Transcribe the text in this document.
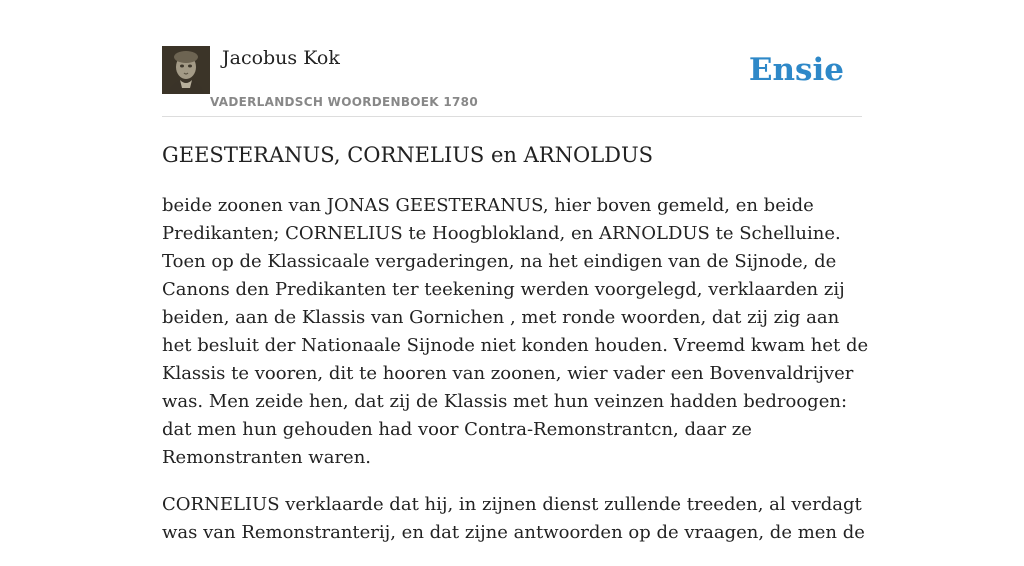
Jacobus Kok
VADERLANDSCH WOORDENBOEK 1780
Ensie
GEESTERANUS, CORNELIUS en ARNOLDUS

beide zoonen van JONAS GEESTERANUS, hier boven gemeld, en beide Predikanten; CORNELIUS te Hoogblokland, en ARNOLDUS te Schelluine. Toen op de Klassicaale vergaderingen, na het eindigen van de Sijnode, de Canons den Predikanten ter teekening werden voorgelegd, verklaarden zij beiden, aan de Klassis van Gornichen , met ronde woorden, dat zij zig aan het besluit der Nationaale Sijnode niet konden houden. Vreemd kwam het de Klassis te vooren, dit te hooren van zoonen, wier vader een Bovenvaldrijver was. Men zeide hen, dat zij de Klassis met hun veinzen hadden bedroogen: dat men hun gehouden had voor Contra-Remonstrantcn, daar ze Remonstranten waren.

CORNELIUS verklaarde dat hij, in zijnen dienst zullende treeden, al verdagt was van Remonstranterij, en dat zijne antwoorden op de vraagen, de men de
